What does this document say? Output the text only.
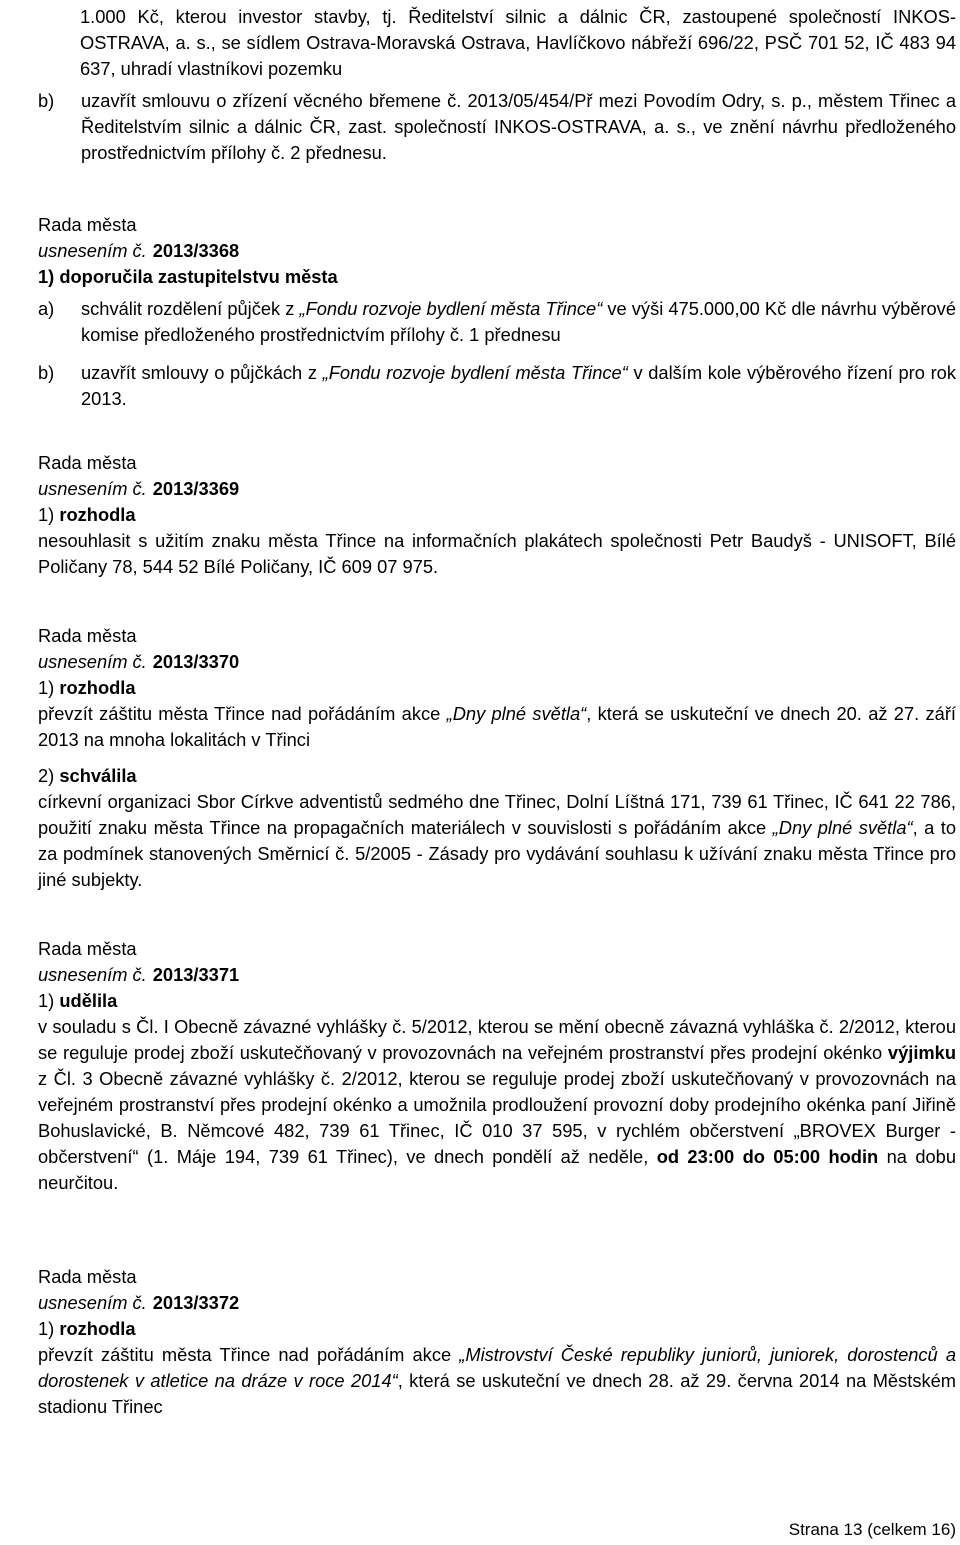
1.000 Kč, kterou investor stavby, tj. Ředitelství silnic a dálnic ČR, zastoupené společností INKOS-OSTRAVA, a. s., se sídlem Ostrava-Moravská Ostrava, Havlíčkovo nábřeží 696/22, PSČ 701 52, IČ 483 94 637, uhradí vlastníkovi pozemku

b)	uzavřít smlouvu o zřízení věcného břemene č. 2013/05/454/Př mezi Povodím Odry, s. p., městem Třinec a Ředitelstvím silnic a dálnic ČR, zast. společností INKOS-OSTRAVA, a. s., ve znění návrhu předloženého prostřednictvím přílohy č. 2 přednesu.

Rada města

usnesením č. 2013/3368

1) doporučila zastupitelstvu města

a)	schválit rozdělení půjček z „Fondu rozvoje bydlení města Třince“ ve výši 475.000,00 Kč dle návrhu výběrové komise předloženého prostřednictvím přílohy č. 1 přednesu
b)	uzavřít smlouvy o půjčkách z „Fondu rozvoje bydlení města Třince“ v dalším kole výběrového řízení pro rok 2013.

Rada města

usnesením č. 2013/3369

1) rozhodla

nesouhlasit s užitím znaku města Třince na informačních plakátech společnosti Petr Baudyš - UNISOFT, Bílé Poličany 78, 544 52 Bílé Poličany, IČ 609 07 975.

Rada města

usnesením č. 2013/3370

1) rozhodla

převzít záštitu města Třince nad pořádáním akce „Dny plné světla“, která se uskuteční ve dnech 20. až 27. září 2013 na mnoha lokalitách v Třinci

2) schválila

církevní organizaci Sbor Církve adventistů sedmého dne Třinec, Dolní Líštná 171, 739 61 Třinec, IČ 641 22 786, použití znaku města Třince na propagačních materiálech v souvislosti s pořádáním akce „Dny plné světla“, a to za podmínek stanovených Směrnicí č. 5/2005 - Zásady pro vydávání souhlasu k užívání znaku města Třince pro jiné subjekty.

Rada města

usnesením č. 2013/3371

1) udělila

v souladu s Čl. I Obecně závazné vyhlášky č. 5/2012, kterou se mění obecně závazná vyhláška č. 2/2012, kterou se reguluje prodej zboží uskutečňovaný v provozovnách na veřejném prostranství přes prodejní okénko výjimku z Čl. 3 Obecně závazné vyhlášky č. 2/2012, kterou se reguluje prodej zboží uskutečňovaný v provozovnách na veřejném prostranství přes prodejní okénko a umožnila prodloužení provozní doby prodejního okénka paní Jiřině Bohuslavické, B. Němcové 482, 739 61 Třinec, IČ 010 37 595, v rychlém občerstvení „BROVEX Burger - občerstvení“ (1. Máje 194, 739 61 Třinec), ve dnech pondělí až neděle, od 23:00 do 05:00 hodin na dobu neurčitou.

Rada města

usnesením č. 2013/3372

1) rozhodla

převzít záštitu města Třince nad pořádáním akce „Mistrovství České republiky juniorů, juniorek, dorostenců a dorostenek v atletice na dráze v roce 2014“, která se uskuteční ve dnech 28. až 29. června 2014 na Městském stadionu Třinec

Strana 13 (celkem 16)
